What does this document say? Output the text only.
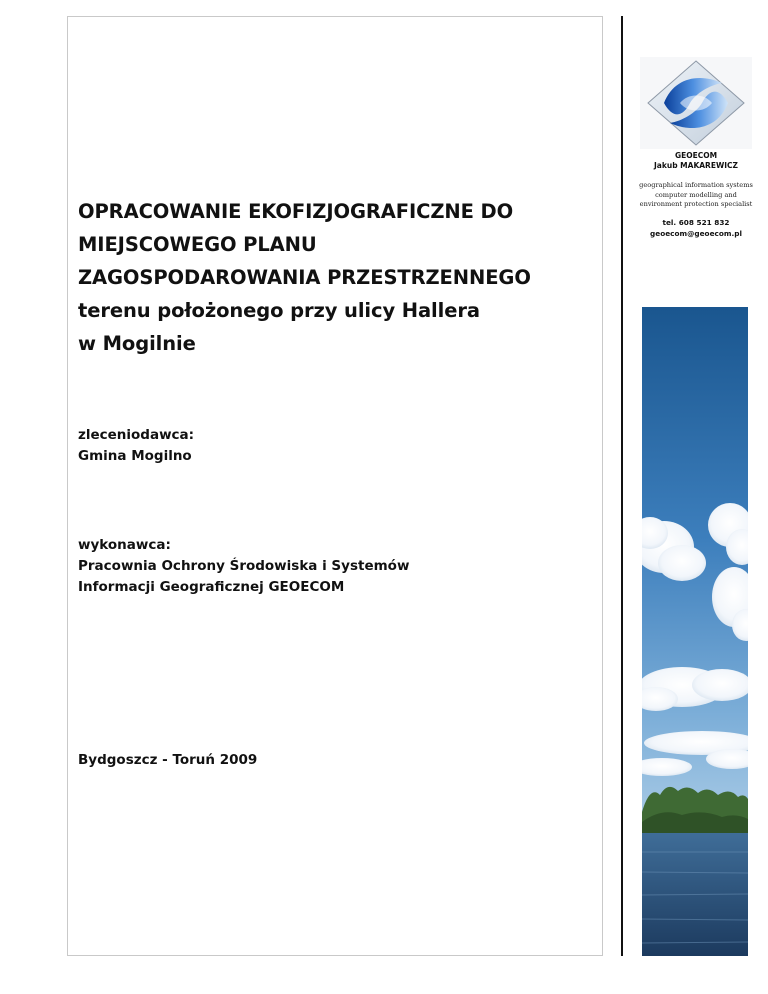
OPRACOWANIE EKOFIZJOGRAFICZNE DO
MIEJSCOWEGO PLANU
ZAGOSPODAROWANIA PRZESTRZENNEGO
terenu położonego przy ulicy Hallera
w Mogilnie
zleceniodawca:
Gmina Mogilno
wykonawca:
Pracownia Ochrony Środowiska i Systemów
Informacji Geograficznej GEOECOM
Bydgoszcz - Toruń 2009
GEOECOM
Jakub MAKAREWICZ
geographical information systems
computer modelling and
environment protection specialist
tel. 608 521 832
geoecom@geoecom.pl
